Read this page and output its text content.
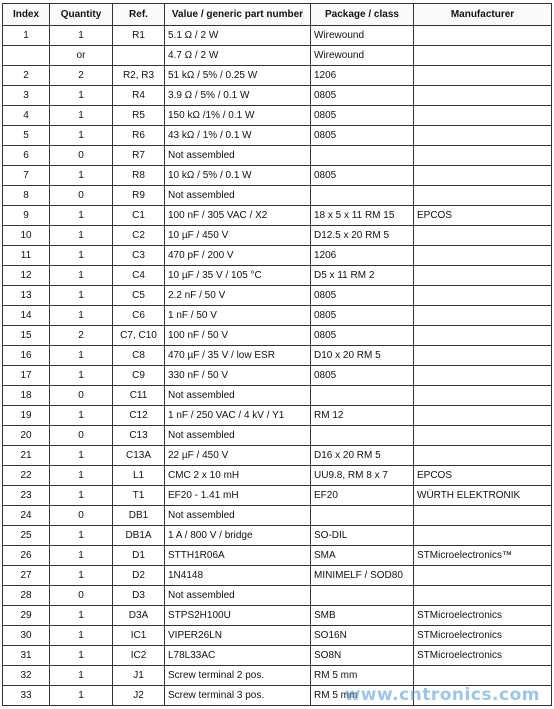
Index	Quantity	Ref.	Value / generic part number	Package / class	Manufacturer
1	1	R1	5.1 Ω / 2 W	Wirewound	
	or		4.7 Ω / 2 W	Wirewound	
2	2	R2, R3	51 kΩ / 5% / 0.25 W	1206	
3	1	R4	3.9 Ω / 5% / 0.1 W	0805	
4	1	R5	150 kΩ /1% / 0.1 W	0805	
5	1	R6	43 kΩ / 1% / 0.1 W	0805	
6	0	R7	Not assembled		
7	1	R8	10 kΩ / 5% / 0.1 W	0805	
8	0	R9	Not assembled		
9	1	C1	100 nF / 305 VAC / X2	18 x 5 x 11 RM 15	EPCOS
10	1	C2	10 µF / 450 V	D12.5 x 20 RM 5	
11	1	C3	470 pF / 200 V	1206	
12	1	C4	10 µF / 35 V / 105 °C	D5 x 11 RM 2	
13	1	C5	2.2 nF / 50 V	0805	
14	1	C6	1 nF / 50 V	0805	
15	2	C7, C10	100 nF / 50 V	0805	
16	1	C8	470 µF / 35 V / low ESR	D10 x 20 RM 5	
17	1	C9	330 nF / 50 V	0805	
18	0	C11	Not assembled		
19	1	C12	1 nF / 250 VAC / 4 kV / Y1	RM 12	
20	0	C13	Not assembled		
21	1	C13A	22 µF / 450 V	D16 x 20 RM 5	
22	1	L1	CMC 2 x 10 mH	UU9.8, RM 8 x 7	EPCOS
23	1	T1	EF20 - 1.41 mH	EF20	WÜRTH ELEKTRONIK
24	0	DB1	Not assembled		
25	1	DB1A	1 A / 800 V / bridge	SO-DIL	
26	1	D1	STTH1R06A	SMA	STMicroelectronics™
27	1	D2	1N4148	MINIMELF / SOD80	
28	0	D3	Not assembled		
29	1	D3A	STPS2H100U	SMB	STMicroelectronics
30	1	IC1	VIPER26LN	SO16N	STMicroelectronics
31	1	IC2	L78L33AC	SO8N	STMicroelectronics
32	1	J1	Screw terminal 2 pos.	RM 5 mm	
33	1	J2	Screw terminal 3 pos.	RM 5 mm	
www.cntronics.com
